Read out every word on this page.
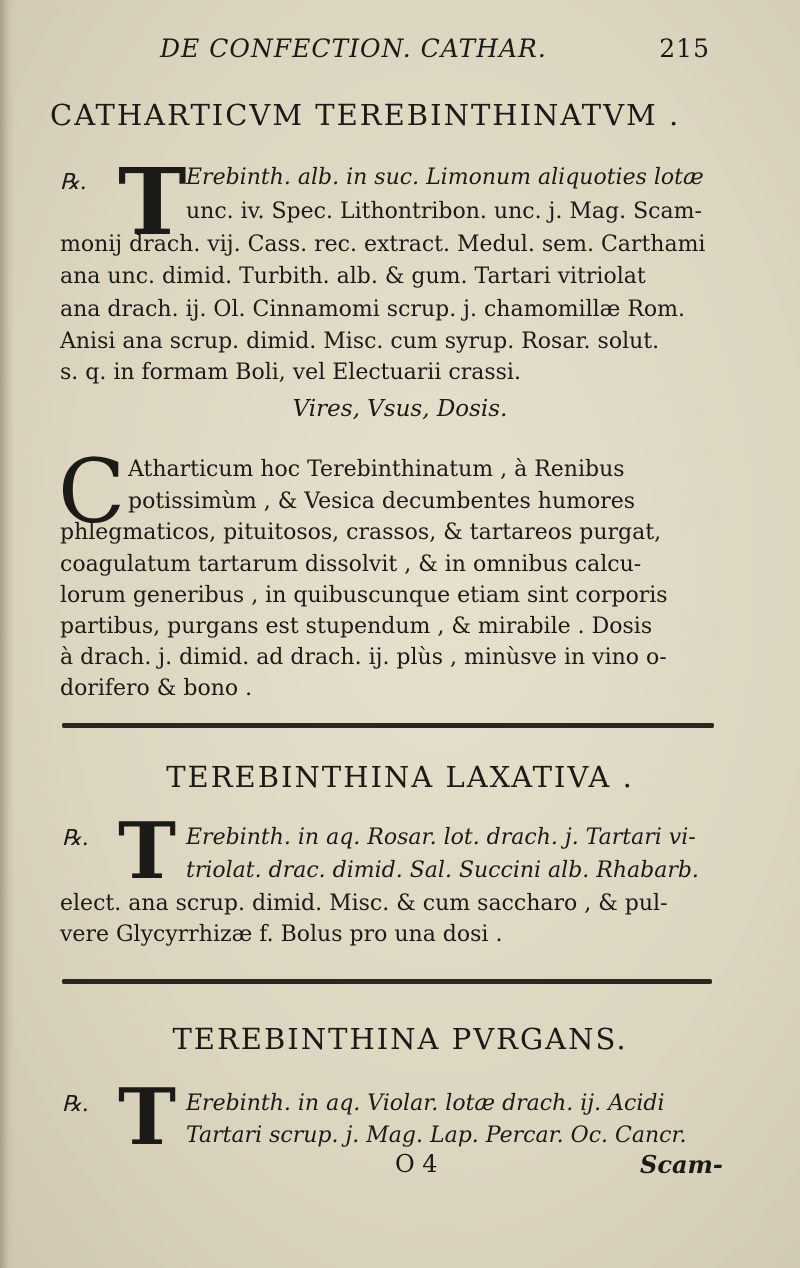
DE CONFECTION. CATHAR.	215
CATHARTICVM TEREBINTHINATVM .
℞. T Erebinth. alb. in suc. Limonum aliquoties lotæ
unc. iv. Spec. Lithontribon. unc. j. Mag. Scam-
monij drach. vij. Cass. rec. extract. Medul. sem. Carthami
ana unc. dimid. Turbith. alb. & gum. Tartari vitriolat
ana drach. ij. Ol. Cinnamomi scrup. j. chamomillæ Rom.
Anisi ana scrup. dimid. Misc. cum syrup. Rosar. solut.
s. q. in formam Boli, vel Electuarii crassi.
Vires, Vsus, Dosis.
C Atharticum hoc Terebinthinatum , à Renibus
potissimùm , & Vesica decumbentes humores
phlegmaticos, pituitosos, crassos, & tartareos purgat,
coagulatum tartarum dissolvit , & in omnibus calcu-
lorum generibus , in quibuscunque etiam sint corporis
partibus, purgans est stupendum , & mirabile . Dosis
à drach. j. dimid. ad drach. ij. plùs , minùsve in vino o-
dorifero & bono .
TEREBINTHINA LAXATIVA .
℞. T Erebinth. in aq. Rosar. lot. drach. j. Tartari vi-
triolat. drac. dimid. Sal. Succini alb. Rhabarb.
elect. ana scrup. dimid. Misc. & cum saccharo , & pul-
vere Glycyrrhizæ f. Bolus pro una dosi .
TEREBINTHINA PVRGANS.
℞. T Erebinth. in aq. Violar. lotæ drach. ij. Acidi
Tartari scrup. j. Mag. Lap. Percar. Oc. Cancr.
O 4	Scam-
